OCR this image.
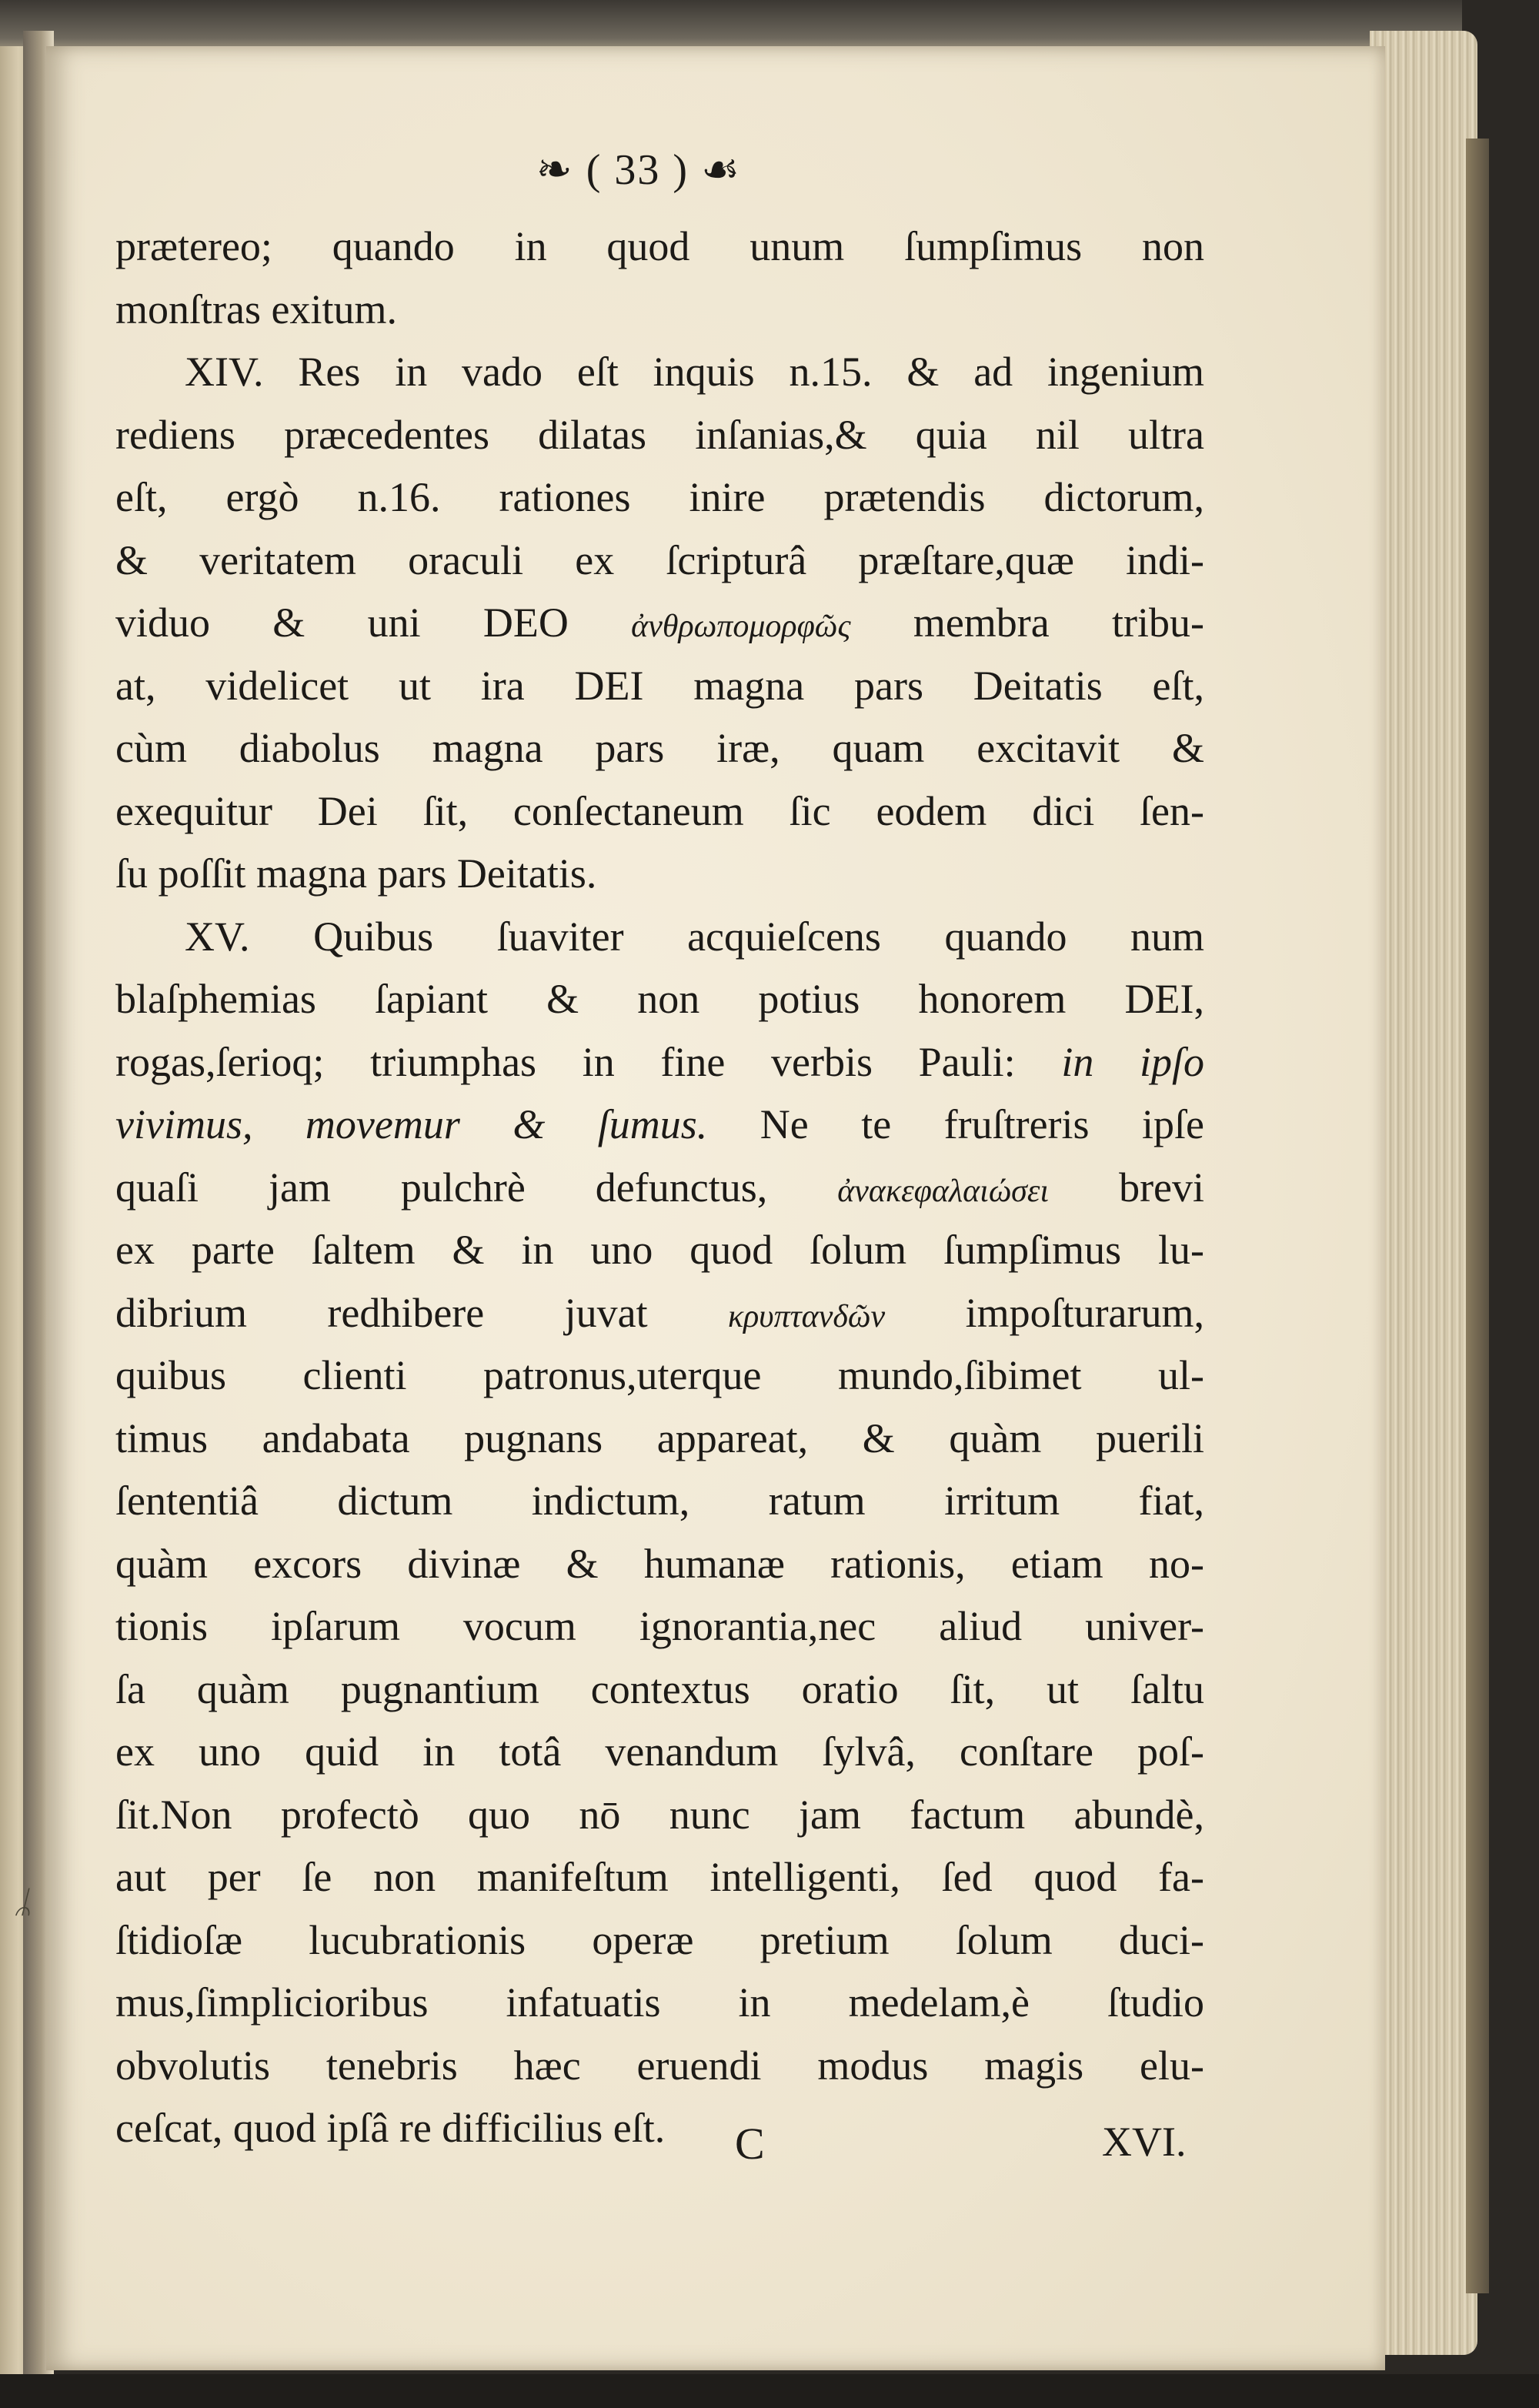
ᛦ
❧ ( 33 ) ☙
prætereo; quando in quod unum ſumpſimus non
monſtras exitum.
XIV. Res in vado eſt inquis n.15. & ad ingenium
rediens præcedentes dilatas inſanias,& quia nil ultra
eſt, ergò n.16. rationes inire prætendis dictorum,
& veritatem oraculi ex ſcripturâ præſtare,quæ indi-
viduo & uni DEO ἀνθρωπομορφῶς membra tribu-
at, videlicet ut ira DEI magna pars Deitatis eſt,
cùm diabolus magna pars iræ, quam excitavit &
exequitur Dei ſit, conſectaneum ſic eodem dici ſen-
ſu poſſit magna pars Deitatis.
XV. Quibus ſuaviter acquieſcens quando num
blaſphemias ſapiant & non potius honorem DEI,
rogas,ſerioq; triumphas in fine verbis Pauli: in ipſo
vivimus, movemur & ſumus. Ne te fruſtreris ipſe
quaſi jam pulchrè defunctus, ἀνακεφαλαιώσει brevi
ex parte ſaltem & in uno quod ſolum ſumpſimus lu-
dibrium redhibere juvat κρυπτανδῶν impoſturarum,
quibus clienti patronus,uterque mundo,ſibimet ul-
timus andabata pugnans appareat, & quàm puerili
ſententiâ dictum indictum, ratum irritum fiat,
quàm excors divinæ & humanæ rationis, etiam no-
tionis ipſarum vocum ignorantia,nec aliud univer-
ſa quàm pugnantium contextus oratio ſit, ut ſaltu
ex uno quid in totâ venandum ſylvâ, conſtare poſ-
ſit.Non profectò quo nō nunc jam factum abundè,
aut per ſe non manifeſtum intelligenti, ſed quod fa-
ſtidioſæ lucubrationis operæ pretium ſolum duci-
mus,ſimplicioribus infatuatis in medelam,è ſtudio
obvolutis tenebris hæc eruendi modus magis elu-
ceſcat, quod ipſâ re difficilius eſt.	C	XVI.
